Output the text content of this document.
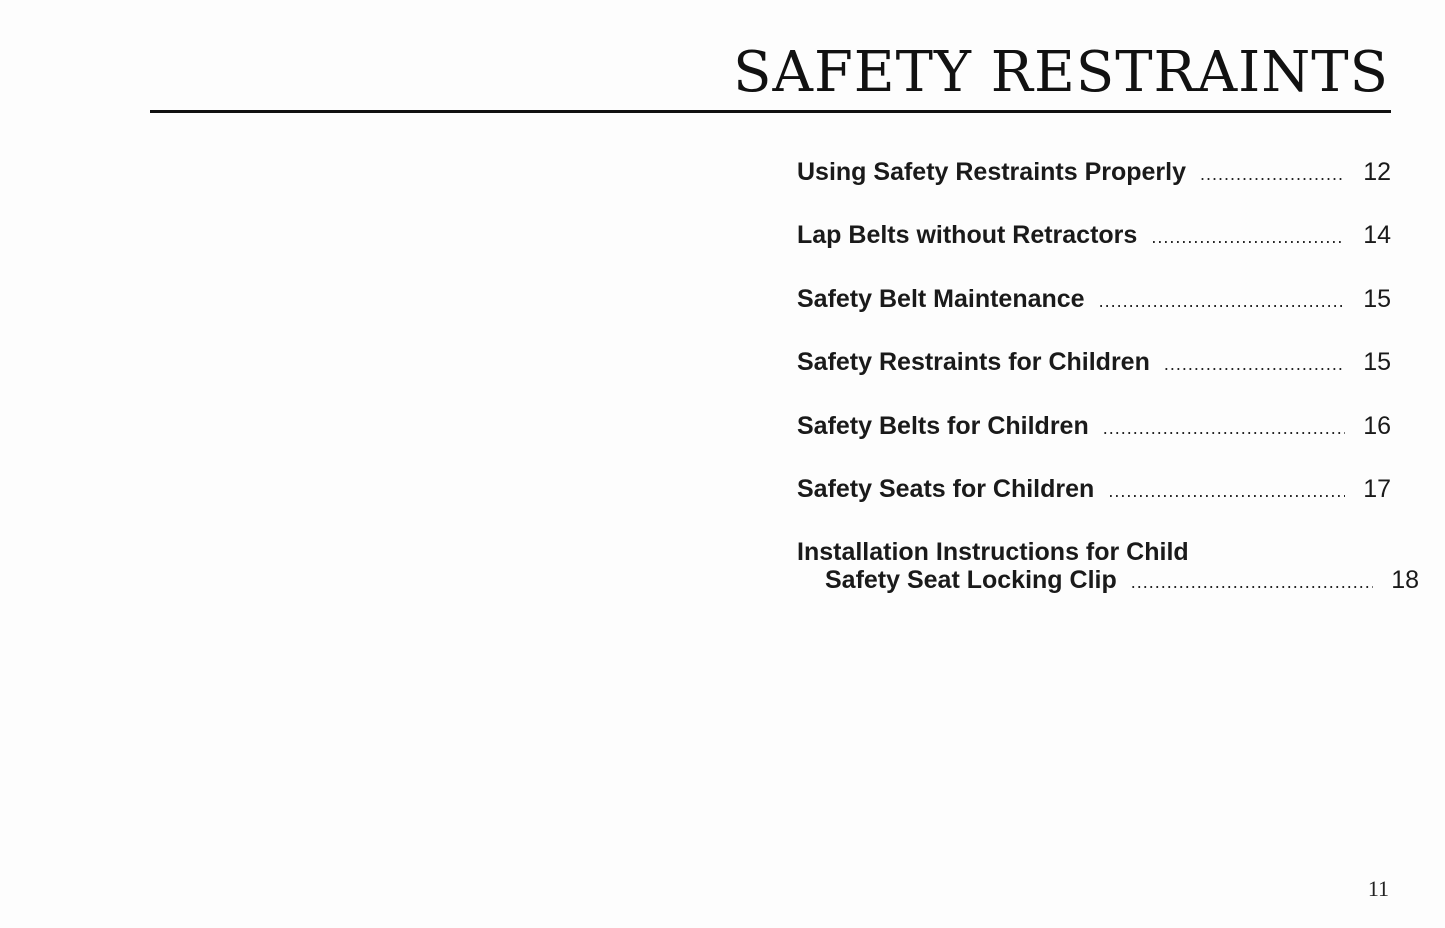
SAFETY RESTRAINTS
Using Safety Restraints Properly .....	12
Lap Belts without Retractors .....	14
Safety Belt Maintenance .....	15
Safety Restraints for Children .....	15
Safety Belts for Children .....	16
Safety Seats for Children .....	17
Installation Instructions for Child
Safety Seat Locking Clip .....	18
11
